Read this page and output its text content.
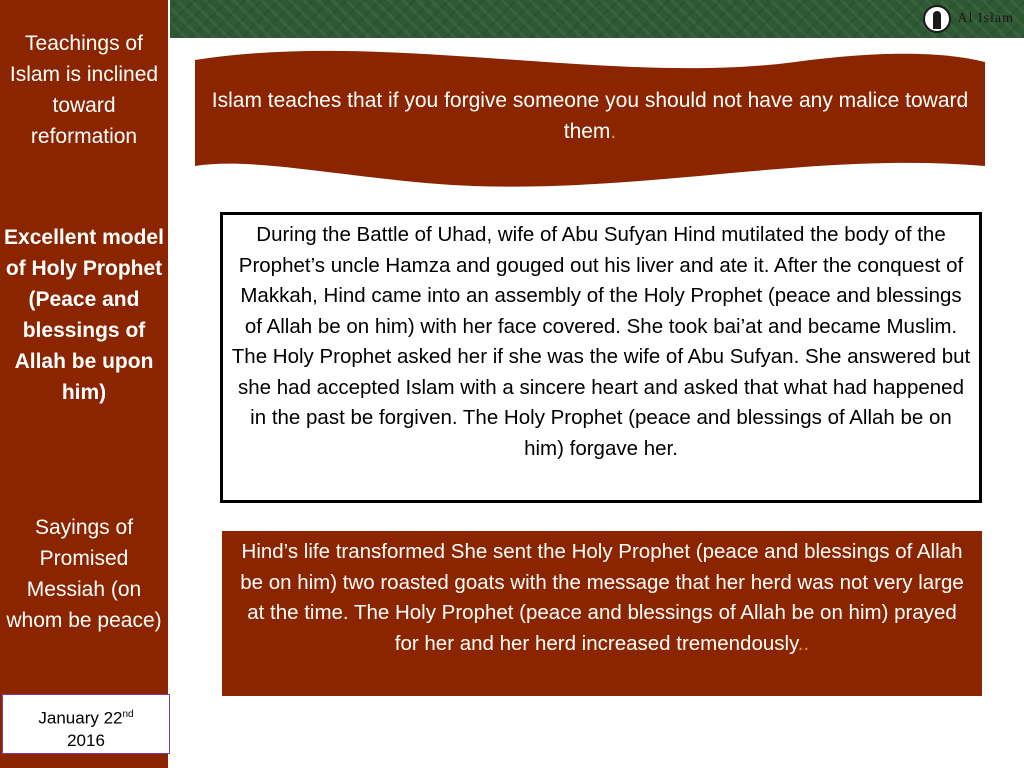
Teachings of Islam is inclined toward reformation
Excellent model of Holy Prophet (Peace and blessings of Allah be upon him)
Sayings of Promised Messiah (on whom be peace)
January 22nd
2016
Al Islam
Islam teaches that if you forgive someone you should not have any malice toward them.
During the Battle of Uhad, wife of Abu Sufyan Hind mutilated the body of the Prophet’s uncle Hamza and gouged out his liver and ate it. After the conquest of Makkah, Hind came into an assembly of the Holy Prophet (peace and blessings of Allah be on him) with her face covered. She took bai’at and became Muslim. The Holy Prophet asked her if she was the wife of Abu Sufyan. She answered but she had accepted Islam with a sincere heart and asked that what had happened in the past be forgiven. The Holy Prophet (peace and blessings of Allah be on him) forgave her.
Hind’s life transformed She sent the Holy Prophet (peace and blessings of Allah be on him) two roasted goats with the message that her herd was not very large at the time. The Holy Prophet (peace and blessings of Allah be on him) prayed for her and her herd increased tremendously..
